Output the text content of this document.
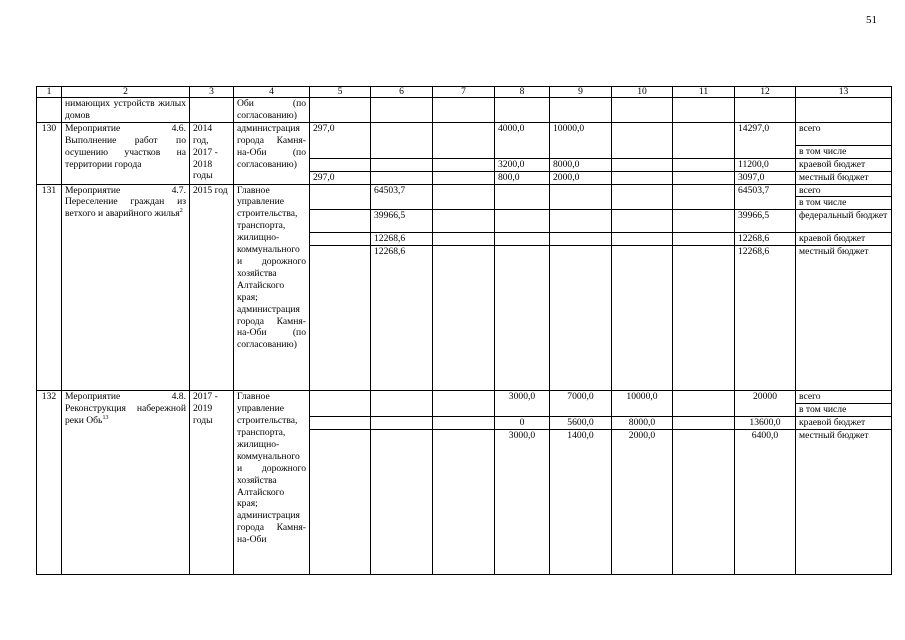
51
1	2	3	4	5	6	7	8	9	10	11	12	13
	нимающих устройств жилых домов		Оби (по согласованию)									
130	Мероприятие 4.6. Выполнение работ по осушению участков на территории города	2014 год, 2017 - 2018 годы	администрация города Камня-на-Оби (по согласованию)	297,0			4000,0	10000,0			14297,0	всего
												в том числе
							3200,0	8000,0			11200,0	краевой бюджет
				297,0			800,0	2000,0			3097,0	местный бюджет
131	Мероприятие 4.7. Переселение граждан из ветхого и аварийного жилья$^2$	2015 год	Главное управление строительства, транспорта, жилищно-коммунального и дорожного хозяйства Алтайского края; администрация города Камня-на-Оби (по согласованию)		64503,7						64503,7	всего
												в том числе
					39966,5						39966,5	федеральный бюджет
					12268,6						12268,6	краевой бюджет
					12268,6						12268,6	местный бюджет
132	Мероприятие 4.8. Реконструкция набережной реки Обь$^{13}$	2017 - 2019 годы	Главное управление строительства, транспорта, жилищно-коммунального и дорожного хозяйства Алтайского края; администрация города Камня-на-Оби				3000,0	7000,0	10000,0		20000	всего
												в том числе
							0	5600,0	8000,0		13600,0	краевой бюджет
							3000,0	1400,0	2000,0		6400,0	местный бюджет
